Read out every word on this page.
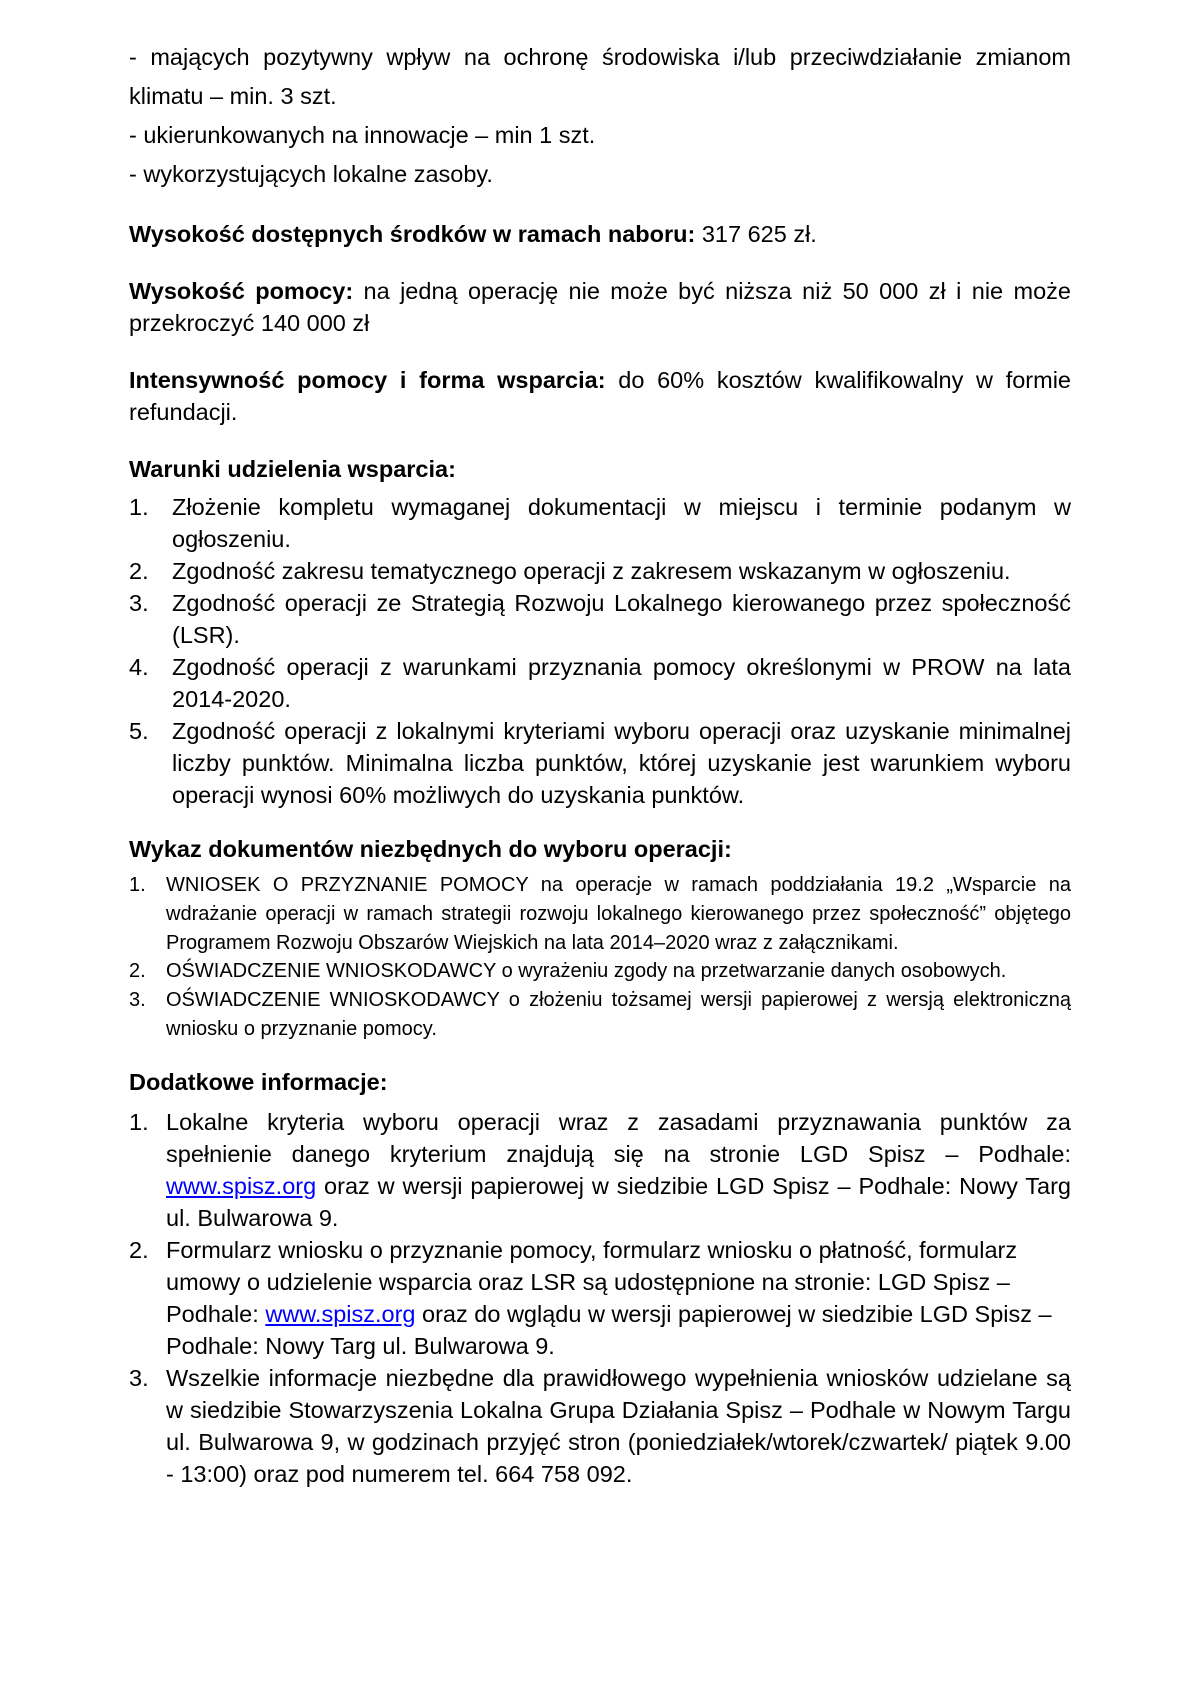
- mających pozytywny wpływ na ochronę środowiska i/lub przeciwdziałanie zmianom
klimatu – min. 3 szt.
- ukierunkowanych na innowacje – min 1 szt.
- wykorzystujących lokalne zasoby.

Wysokość dostępnych środków w ramach naboru: 317 625 zł.

Wysokość pomocy: na jedną operację nie może być niższa niż 50 000 zł i nie może przekroczyć 140 000 zł

Intensywność pomocy i forma wsparcia: do 60% kosztów kwalifikowalny w formie refundacji.

Warunki udzielenia wsparcia:
1. Złożenie kompletu wymaganej dokumentacji w miejscu i terminie podanym w ogłoszeniu.
2. Zgodność zakresu tematycznego operacji z zakresem wskazanym w ogłoszeniu.
3. Zgodność operacji ze Strategią Rozwoju Lokalnego kierowanego przez społeczność (LSR).
4. Zgodność operacji z warunkami przyznania pomocy określonymi w PROW na lata 2014-2020.
5. Zgodność operacji z lokalnymi kryteriami wyboru operacji oraz uzyskanie minimalnej liczby punktów. Minimalna liczba punktów, której uzyskanie jest warunkiem wyboru operacji wynosi 60% możliwych do uzyskania punktów.
Wykaz dokumentów niezbędnych do wyboru operacji:
1. WNIOSEK O PRZYZNANIE POMOCY na operacje w ramach poddziałania 19.2 „Wsparcie na wdrażanie operacji w ramach strategii rozwoju lokalnego kierowanego przez społeczność” objętego Programem Rozwoju Obszarów Wiejskich na lata 2014–2020 wraz z załącznikami.
2. OŚWIADCZENIE WNIOSKODAWCY o wyrażeniu zgody na przetwarzanie danych osobowych.
3. OŚWIADCZENIE WNIOSKODAWCY o złożeniu tożsamej wersji papierowej z wersją elektroniczną wniosku o przyznanie pomocy.
Dodatkowe informacje:
1. Lokalne kryteria wyboru operacji wraz z zasadami przyznawania punktów za spełnienie danego kryterium znajdują się na stronie LGD Spisz – Podhale: www.spisz.org oraz w wersji papierowej w siedzibie LGD Spisz – Podhale: Nowy Targ ul. Bulwarowa 9.
2. Formularz wniosku o przyznanie pomocy, formularz wniosku o płatność, formularz umowy o udzielenie wsparcia oraz LSR są udostępnione na stronie: LGD Spisz – Podhale: www.spisz.org oraz do wglądu w wersji papierowej w siedzibie LGD Spisz – Podhale: Nowy Targ ul. Bulwarowa 9.
3. Wszelkie informacje niezbędne dla prawidłowego wypełnienia wniosków udzielane są w siedzibie Stowarzyszenia Lokalna Grupa Działania Spisz – Podhale w Nowym Targu ul. Bulwarowa 9, w godzinach przyjęć stron (poniedziałek/wtorek/czwartek/ piątek 9.00 - 13:00) oraz pod numerem tel. 664 758 092.
